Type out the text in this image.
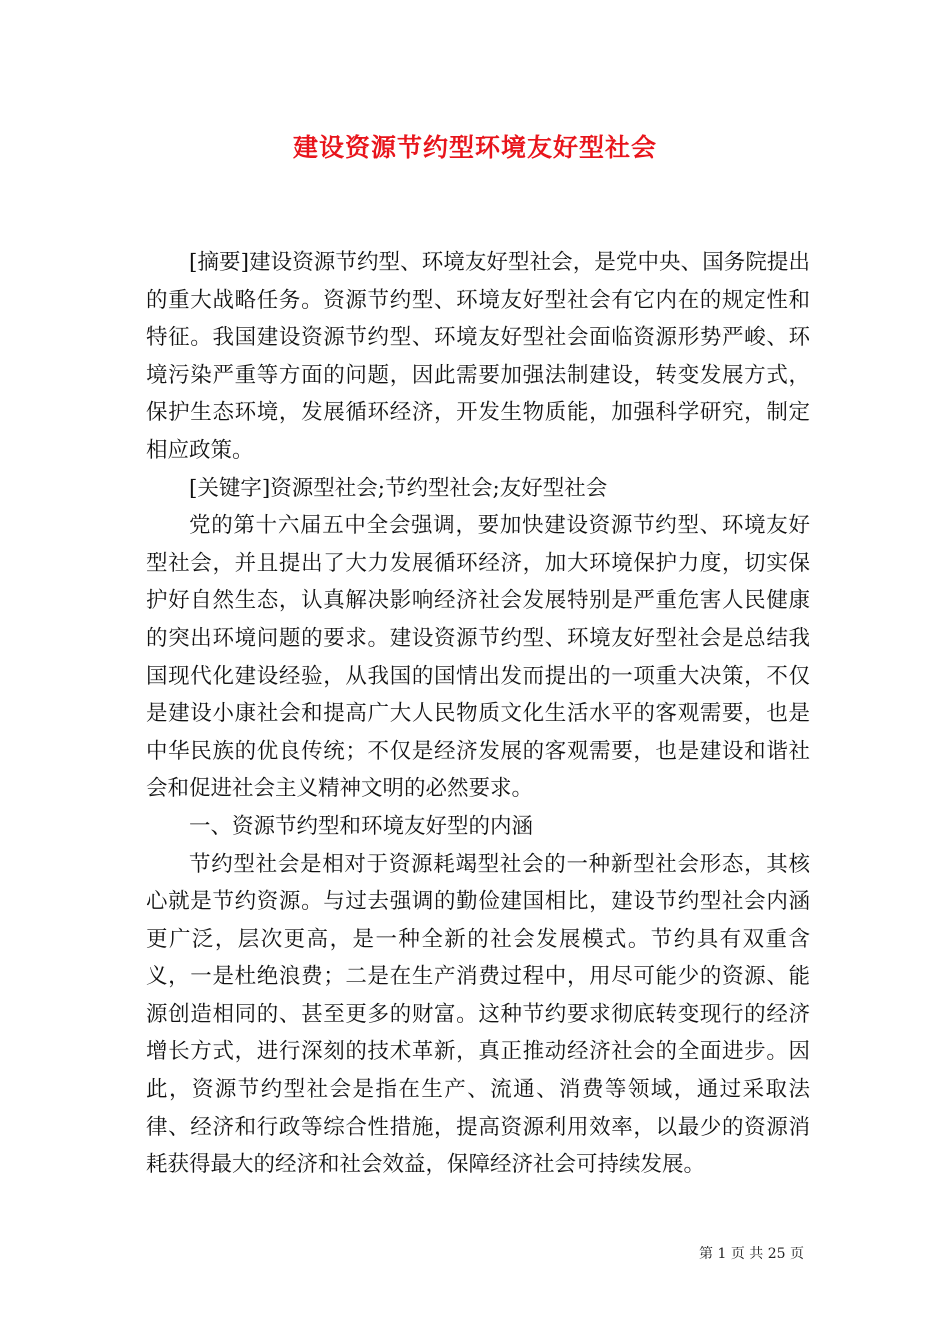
建设资源节约型环境友好型社会

[摘要]建设资源节约型、环境友好型社会，是党中央、国务院提出的重大战略任务。资源节约型、环境友好型社会有它内在的规定性和特征。我国建设资源节约型、环境友好型社会面临资源形势严峻、环境污染严重等方面的问题，因此需要加强法制建设，转变发展方式，保护生态环境，发展循环经济，开发生物质能，加强科学研究，制定相应政策。

[关键字]资源型社会;节约型社会;友好型社会

党的第十六届五中全会强调，要加快建设资源节约型、环境友好型社会，并且提出了大力发展循环经济，加大环境保护力度，切实保护好自然生态，认真解决影响经济社会发展特别是严重危害人民健康的突出环境问题的要求。建设资源节约型、环境友好型社会是总结我国现代化建设经验，从我国的国情出发而提出的一项重大决策，不仅是建设小康社会和提高广大人民物质文化生活水平的客观需要，也是中华民族的优良传统；不仅是经济发展的客观需要，也是建设和谐社会和促进社会主义精神文明的必然要求。

一、资源节约型和环境友好型的内涵

节约型社会是相对于资源耗竭型社会的一种新型社会形态，其核心就是节约资源。与过去强调的勤俭建国相比，建设节约型社会内涵更广泛，层次更高，是一种全新的社会发展模式。节约具有双重含义，一是杜绝浪费；二是在生产消费过程中，用尽可能少的资源、能源创造相同的、甚至更多的财富。这种节约要求彻底转变现行的经济增长方式，进行深刻的技术革新，真正推动经济社会的全面进步。因此，资源节约型社会是指在生产、流通、消费等领域，通过采取法律、经济和行政等综合性措施，提高资源利用效率，以最少的资源消耗获得最大的经济和社会效益，保障经济社会可持续发展。

第 1 页 共 25 页
